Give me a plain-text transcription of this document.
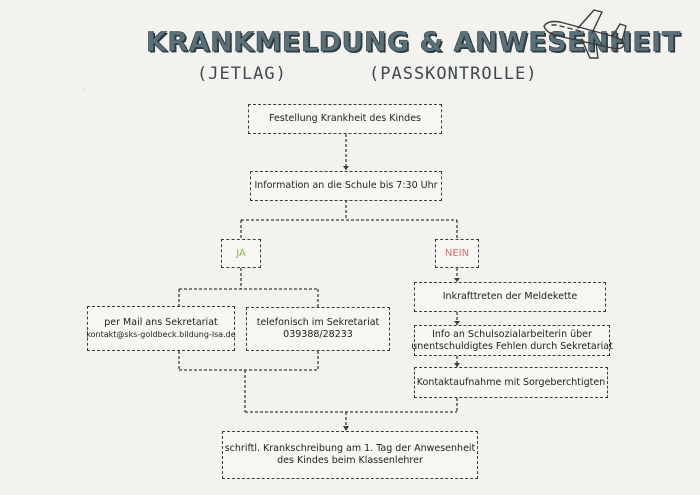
KRANKMELDUNG & ANWESENHEIT
(JETLAG)	(PASSKONTROLLE)
Festellung Krankheit des Kindes
Information an die Schule bis 7:30 Uhr
JA	NEIN
per Mail ans Sekretariat
kontakt@sks-goldbeck.bildung-lsa.de
telefonisch im Sekretariat
039388/28233
Inkrafttreten der Meldekette
Info an Schulsozialarbeiterin über
unentschuldigtes Fehlen durch Sekretariat
Kontaktaufnahme mit Sorgeberchtigten
schriftl. Krankschreibung am 1. Tag der Anwesenheit
des Kindes beim Klassenlehrer
